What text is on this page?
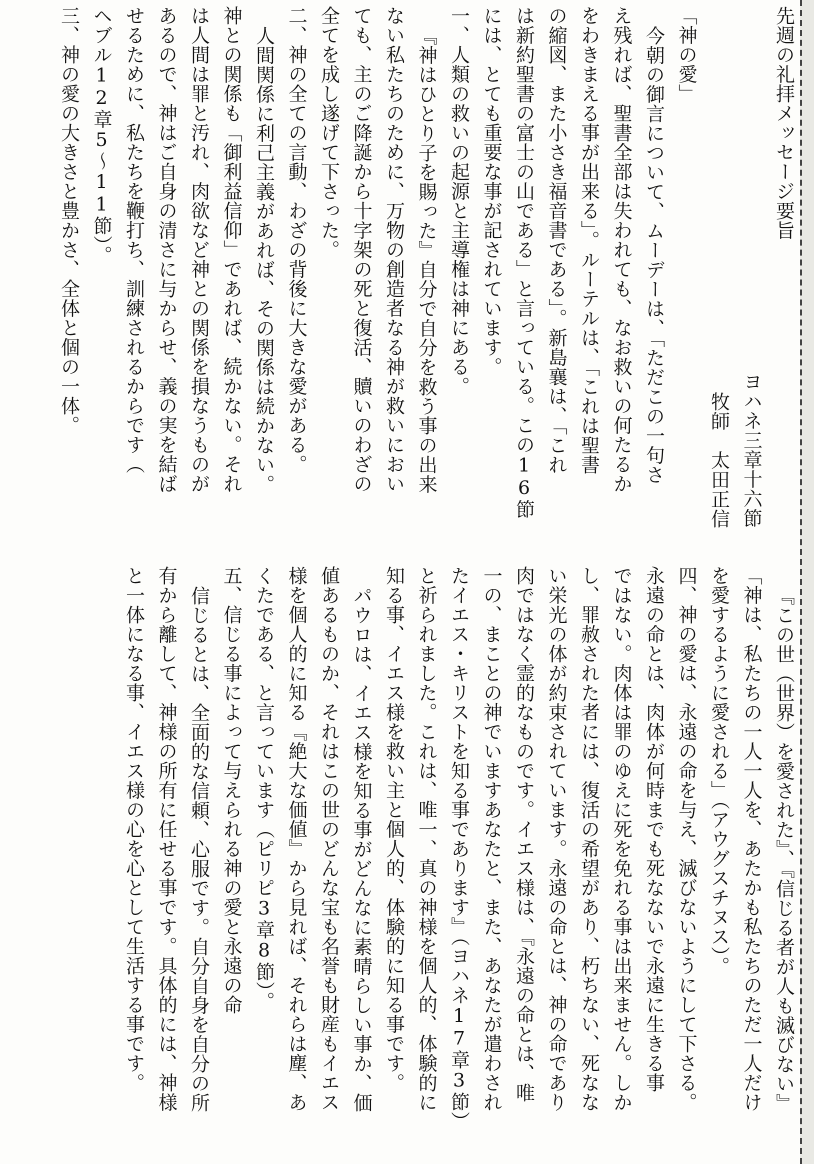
先週の礼拝メッセージ要旨
ヨハネ三章十六節
牧師　太田正信
「神の愛」
今朝の御言について、ムーデーは、「ただこの一句さ
え残れば、聖書全部は失われても、なお救いの何たるか
をわきまえる事が出来る」。ルーテルは、「これは聖書
の縮図、また小さき福音書である」。新島襄は、「これ
は新約聖書の富士の山である」と言っている。この16節
には、とても重要な事が記されています。
一、人類の救いの起源と主導権は神にある。
『神はひとり子を賜った』自分で自分を救う事の出来
ない私たちのために、万物の創造者なる神が救いにおい
ても、主のご降誕から十字架の死と復活、贖いのわざの
全てを成し遂げて下さった。
二、神の全ての言動、わざの背後に大きな愛がある。
人間関係に利己主義があれば、その関係は続かない。
神との関係も「御利益信仰」であれば、続かない。それ
は人間は罪と汚れ、肉欲など神との関係を損なうものが
あるので、神はご自身の清さに与からせ、義の実を結ば
せるために、私たちを鞭打ち、訓練されるからです（
ヘブル12章5〜11節）。
三、神の愛の大きさと豊かさ、全体と個の一体。
『この世（世界）を愛された』、『信じる者が人も滅びない』
「神は、私たちの一人一人を、あたかも私たちのただ一人だけ
を愛するように愛される」（アウグスチヌス）。
四、神の愛は、永遠の命を与え、滅びないようにして下さる。
永遠の命とは、肉体が何時までも死なないで永遠に生きる事
ではない。肉体は罪のゆえに死を免れる事は出来ません。しか
し、罪赦された者には、復活の希望があり、朽ちない、死なな
い栄光の体が約束されています。永遠の命とは、神の命であり
肉ではなく霊的なものです。イエス様は、『永遠の命とは、唯
一の、まことの神でいますあなたと、また、あなたが遣わされ
たイエス・キリストを知る事であります』（ヨハネ17章3節）
と祈られました。これは、唯一、真の神様を個人的、体験的に
知る事、イエス様を救い主と個人的、体験的に知る事です。
パウロは、イエス様を知る事がどんなに素晴らしい事か、価
値あるものか、それはこの世のどんな宝も名誉も財産もイエス
様を個人的に知る『絶大な価値』から見れば、それらは塵、あ
くたである、と言っています（ピリピ3章8節）。
五、信じる事によって与えられる神の愛と永遠の命
信じるとは、全面的な信頼、心服です。自分自身を自分の所
有から離して、神様の所有に任せる事です。具体的には、神様
と一体になる事、イエス様の心を心として生活する事です。
